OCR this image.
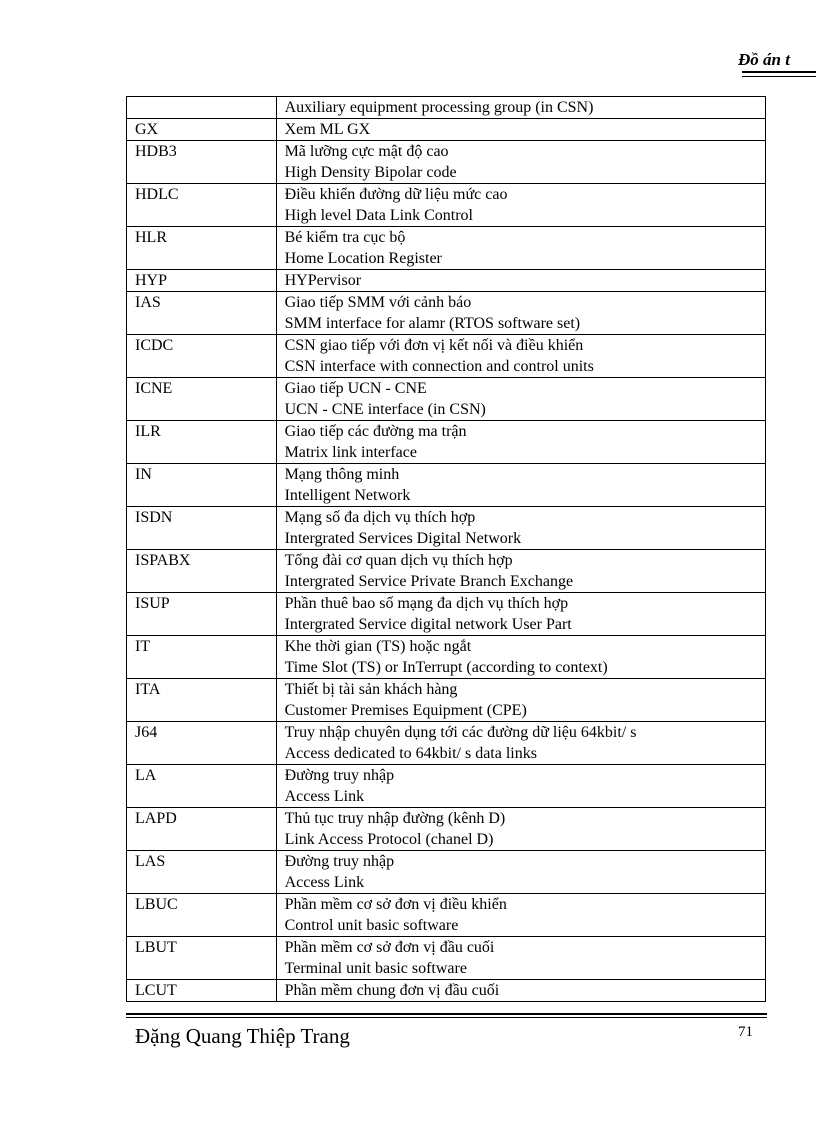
Đồ án t

	Auxiliary equipment processing group (in CSN)

GX	Xem ML GX

HDB3	Mã lưỡng cực mật độ cao
High Density Bipolar code

HDLC	Điều khiển đường dữ liệu mức cao
High level Data Link Control

HLR	Bé kiểm tra cục bộ
Home Location Register

HYP	HYPervisor

IAS	Giao tiếp SMM với cảnh báo
SMM interface for alamr (RTOS software set)

ICDC	CSN giao tiếp với đơn vị kết nối và điều khiển
CSN interface with connection and control units

ICNE	Giao tiếp UCN - CNE
UCN - CNE interface (in CSN)

ILR	Giao tiếp các đường ma trận
Matrix link interface

IN	Mạng thông minh
Intelligent Network

ISDN	Mạng số đa dịch vụ thích hợp
Intergrated Services Digital Network

ISPABX	Tổng đài cơ quan dịch vụ thích hợp
Intergrated Service Private Branch Exchange

ISUP	Phần thuê bao số mạng đa dịch vụ thích hợp
Intergrated Service digital network User Part

IT	Khe thời gian (TS) hoặc ngắt
Time Slot (TS) or InTerrupt (according to context)

ITA	Thiết bị tài sản khách hàng
Customer Premises Equipment (CPE)

J64	Truy nhập chuyên dụng tới các đường dữ liệu 64kbit/ s
Access dedicated to 64kbit/ s data links

LA	Đường truy nhập
Access Link

LAPD	Thủ tục truy nhập đường (kênh D)
Link Access Protocol (chanel D)

LAS	Đường truy nhập
Access Link

LBUC	Phần mềm cơ sở đơn vị điều khiển
Control unit basic software

LBUT	Phần mềm cơ sở đơn vị đầu cuối
Terminal unit basic software

LCUT	Phần mềm chung đơn vị đầu cuối
Đặng Quang Thiệp Trang	71
